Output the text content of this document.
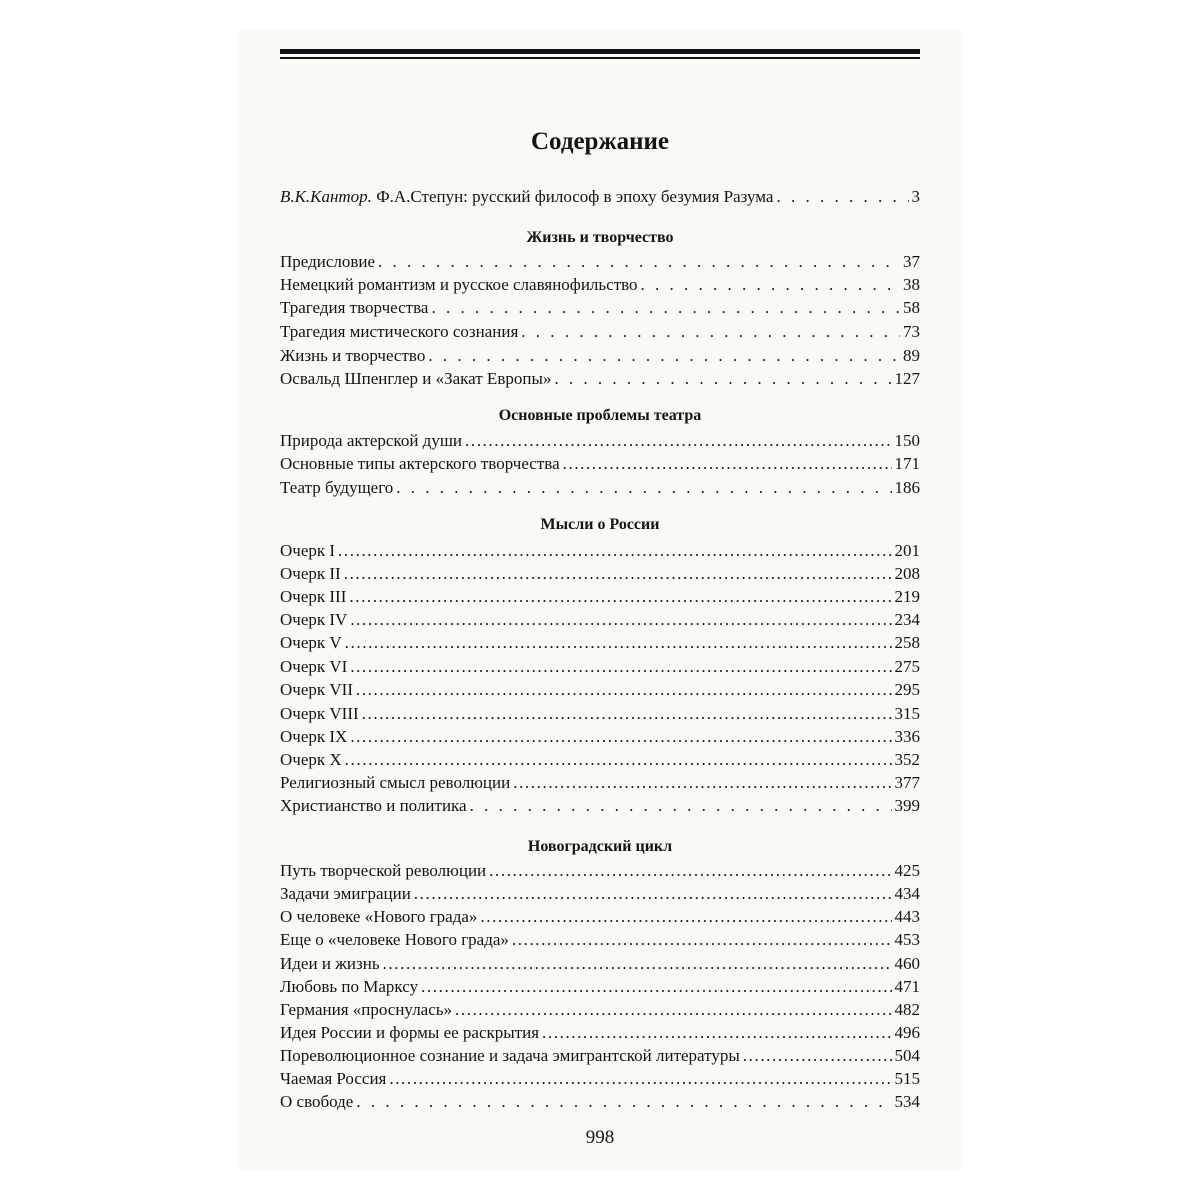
Содержание
В.К.Кантор. Ф.А.Степун: русский философ в эпоху безумия Разума . . .	3
Жизнь и творчество
Предисловие . . .	37
Немецкий романтизм и русское славянофильство . . .	38
Трагедия творчества . . .	58
Трагедия мистического сознания . . .	73
Жизнь и творчество . . .	89
Освальд Шпенглер и «Закат Европы» . . .	127
Основные проблемы театра
Природа актерской души .....	150
Основные типы актерского творчества .....	171
Театр будущего . . .	186
Мысли о России
Очерк I .....	201
Очерк II .....	208
Очерк III .....	219
Очерк IV .....	234
Очерк V .....	258
Очерк VI .....	275
Очерк VII .....	295
Очерк VIII .....	315
Очерк IX .....	336
Очерк X .....	352
Религиозный смысл революции .....	377
Христианство и политика . . .	399
Новоградский цикл
Путь творческой революции .....	425
Задачи эмиграции .....	434
О человеке «Нового града» .....	443
Еще о «человеке Нового града» .....	453
Идеи и жизнь .....	460
Любовь по Марксу .....	471
Германия «проснулась» .....	482
Идея России и формы ее раскрытия .....	496
Пореволюционное сознание и задача эмигрантской литературы .....	504
Чаемая Россия .....	515
О свободе . . .	534
998
